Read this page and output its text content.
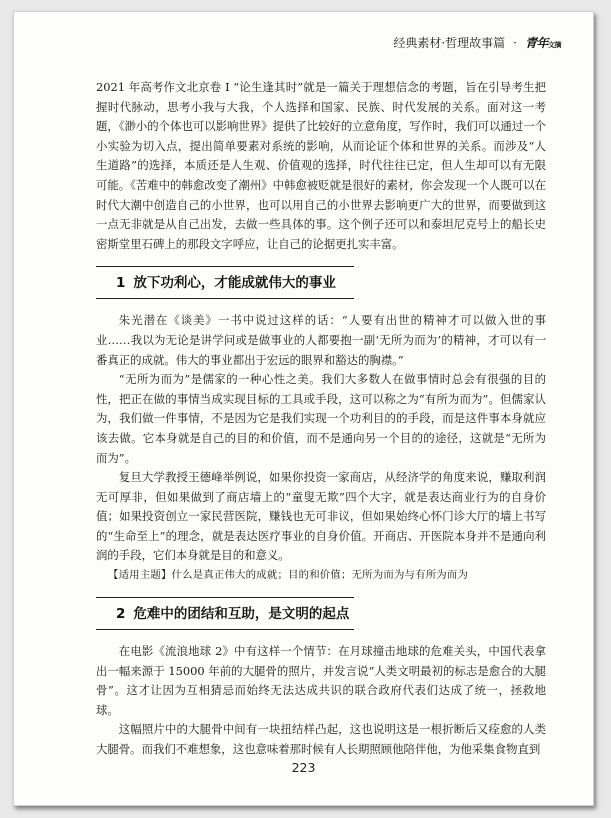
经典素材·哲理故事篇 · 青年文摘

2021 年高考作文北京卷 I “论生逢其时”就是一篇关于理想信念的考题，旨在引导考生把握时代脉动，思考小我与大我，个人选择和国家、民族、时代发展的关系。面对这一考题，《渺小的个体也可以影响世界》提供了比较好的立意角度，写作时，我们可以通过一个小实验为切入点，提出简单要素对系统的影响，从而论证个体和世界的关系。而涉及“人生道路”的选择，本质还是人生观、价值观的选择，时代往往已定，但人生却可以有无限可能。《苦难中的韩愈改变了潮州》中韩愈被贬就是很好的素材，你会发现一个人既可以在时代大潮中创造自己的小世界，也可以用自己的小世界去影响更广大的世界，而要做到这一点无非就是从自己出发，去做一些具体的事。这个例子还可以和泰坦尼克号上的船长史密斯堂里石碑上的那段文字呼应，让自己的论据更扎实丰富。

1 放下功利心，才能成就伟大的事业

朱光潜在《谈美》一书中说过这样的话：“人要有出世的精神才可以做入世的事业……我以为无论是讲学问或是做事业的人都要抱一副‘无所为而为’的精神，才可以有一番真正的成就。伟大的事业都出于宏远的眼界和豁达的胸襟。”

“无所为而为”是儒家的一种心性之美。我们大多数人在做事情时总会有很强的目的性，把正在做的事情当成实现目标的工具或手段，这可以称之为“有所为而为”。但儒家认为，我们做一件事情，不是因为它是我们实现一个功利目的的手段，而是这件事本身就应该去做。它本身就是自己的目的和价值，而不是通向另一个目的的途径，这就是“无所为而为”。

复旦大学教授王德峰举例说，如果你投资一家商店，从经济学的角度来说，赚取利润无可厚非，但如果做到了商店墙上的“童叟无欺”四个大字，就是表达商业行为的自身价值；如果投资创立一家民营医院，赚钱也无可非议，但如果始终心怀门诊大厅的墙上书写的“生命至上”的理念，就是表达医疗事业的自身价值。开商店、开医院本身并不是通向利润的手段，它们本身就是目的和意义。

【适用主题】什么是真正伟大的成就；目的和价值；无所为而为与有所为而为

2 危难中的团结和互助，是文明的起点

在电影《流浪地球 2》中有这样一个情节：在月球撞击地球的危难关头，中国代表拿出一幅来源于 15000 年前的大腿骨的照片，并发言说“人类文明最初的标志是愈合的大腿骨”。这才让因为互相猜忌而始终无法达成共识的联合政府代表们达成了统一，拯救地球。

这幅照片中的大腿骨中间有一块扭结样凸起，这也说明这是一根折断后又痊愈的人类大腿骨。而我们不难想象，这也意味着那时候有人长期照顾他陪伴他，为他采集食物直到

223
